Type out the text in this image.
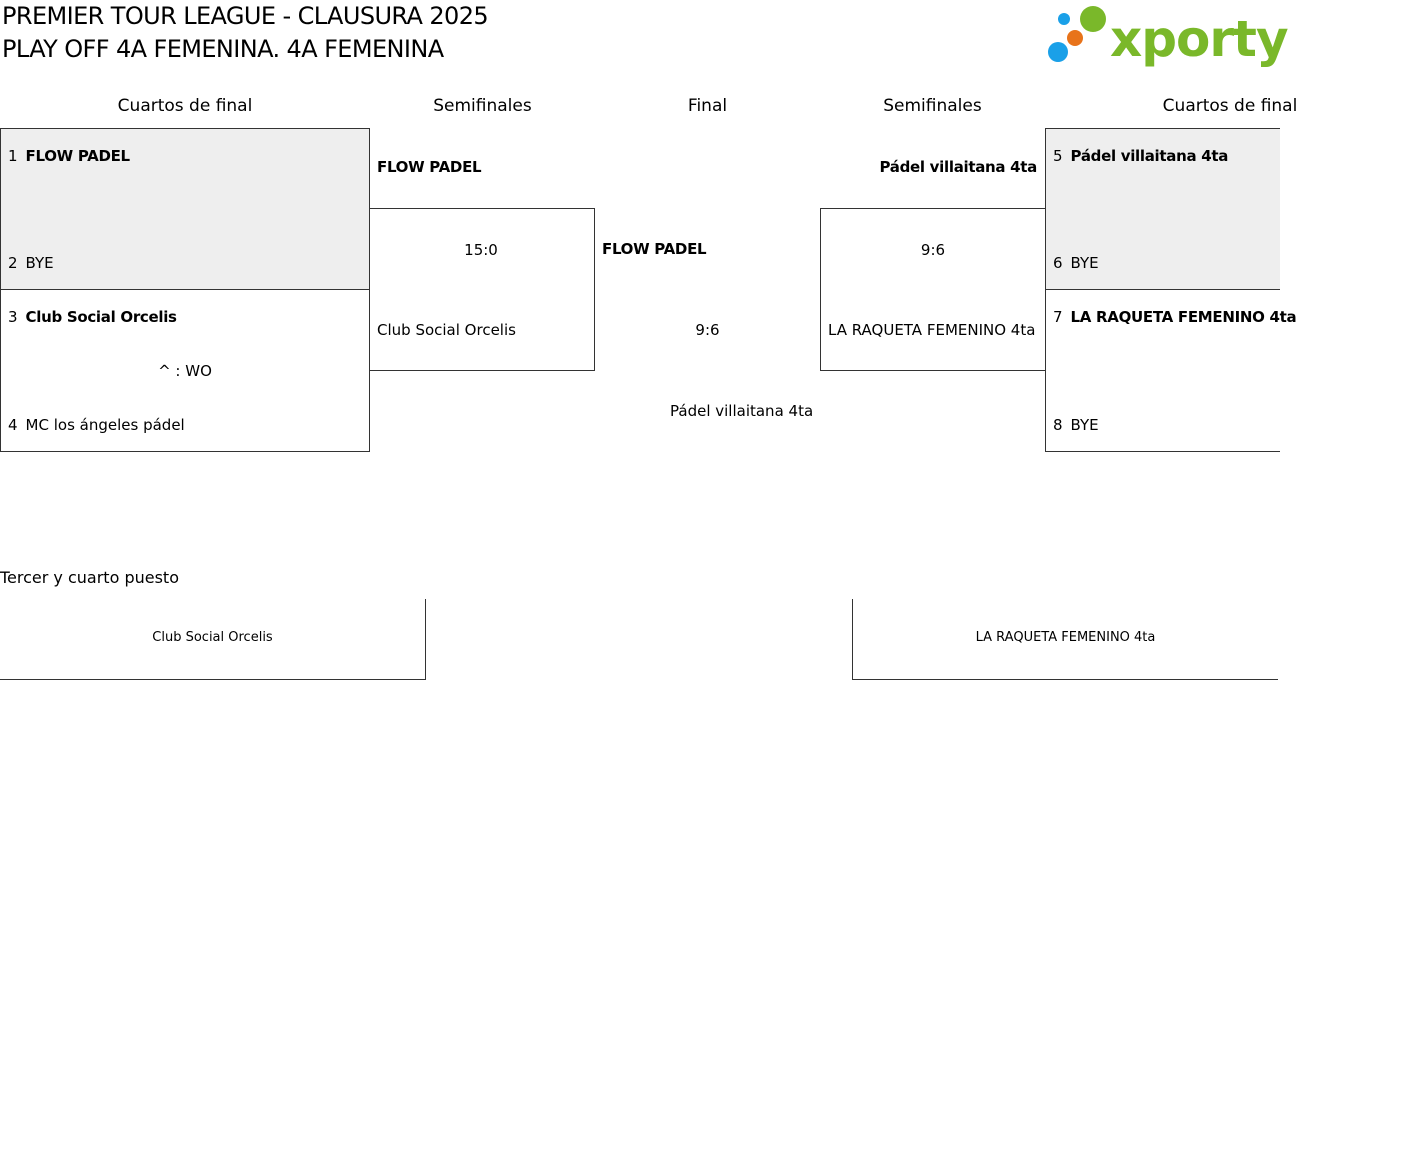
PREMIER TOUR LEAGUE - CLAUSURA 2025
PLAY OFF 4A FEMENINA. 4A FEMENINA	xporty
Cuartos de final	Semifinales	Final	Semifinales	Cuartos de final
1 FLOW PADEL
2 BYE
3 Club Social Orcelis
^ : WO
4 MC los ángeles pádel
FLOW PADEL
15:0
Club Social Orcelis
FLOW PADEL
9:6
Pádel villaitana 4ta
Pádel villaitana 4ta
9:6
LA RAQUETA FEMENINO 4ta
5 Pádel villaitana 4ta
6 BYE
7 LA RAQUETA FEMENINO 4ta
8 BYE
Tercer y cuarto puesto
Club Social Orcelis	LA RAQUETA FEMENINO 4ta
